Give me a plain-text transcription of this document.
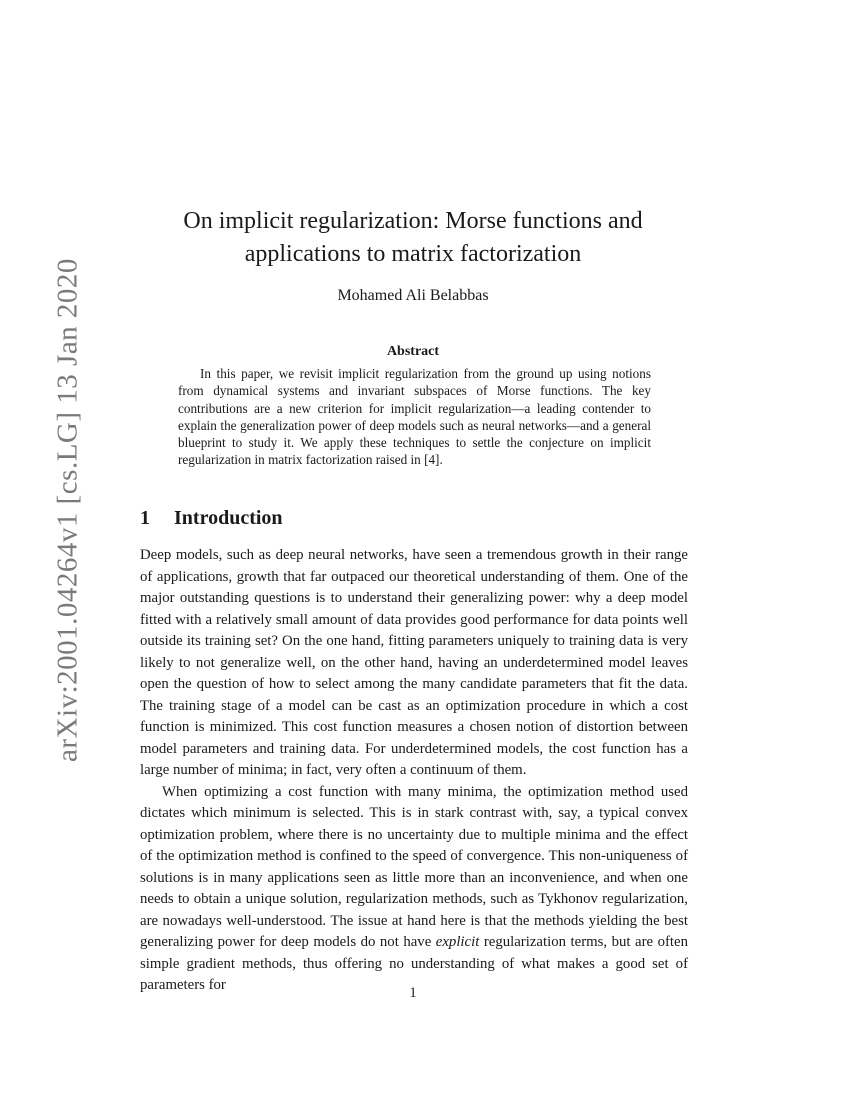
arXiv:2001.04264v1 [cs.LG] 13 Jan 2020
On implicit regularization: Morse functions and applications to matrix factorization

Mohamed Ali Belabbas

Abstract

In this paper, we revisit implicit regularization from the ground up using notions from dynamical systems and invariant subspaces of Morse functions. The key contributions are a new criterion for implicit regularization—a leading contender to explain the generalization power of deep models such as neural networks—and a general blueprint to study it. We apply these techniques to settle the conjecture on implicit regularization in matrix factorization raised in [4].

1 Introduction

Deep models, such as deep neural networks, have seen a tremendous growth in their range of applications, growth that far outpaced our theoretical understanding of them. One of the major outstanding questions is to understand their generalizing power: why a deep model fitted with a relatively small amount of data provides good performance for data points well outside its training set? On the one hand, fitting parameters uniquely to training data is very likely to not generalize well, on the other hand, having an underdetermined model leaves open the question of how to select among the many candidate parameters that fit the data. The training stage of a model can be cast as an optimization procedure in which a cost function is minimized. This cost function measures a chosen notion of distortion between model parameters and training data. For underdetermined models, the cost function has a large number of minima; in fact, very often a continuum of them.

When optimizing a cost function with many minima, the optimization method used dictates which minimum is selected. This is in stark contrast with, say, a typical convex optimization problem, where there is no uncertainty due to multiple minima and the effect of the optimization method is confined to the speed of convergence. This non-uniqueness of solutions is in many applications seen as little more than an inconvenience, and when one needs to obtain a unique solution, regularization methods, such as Tykhonov regularization, are nowadays well-understood. The issue at hand here is that the methods yielding the best generalizing power for deep models do not have explicit regularization terms, but are often simple gradient methods, thus offering no understanding of what makes a good set of parameters for	1
